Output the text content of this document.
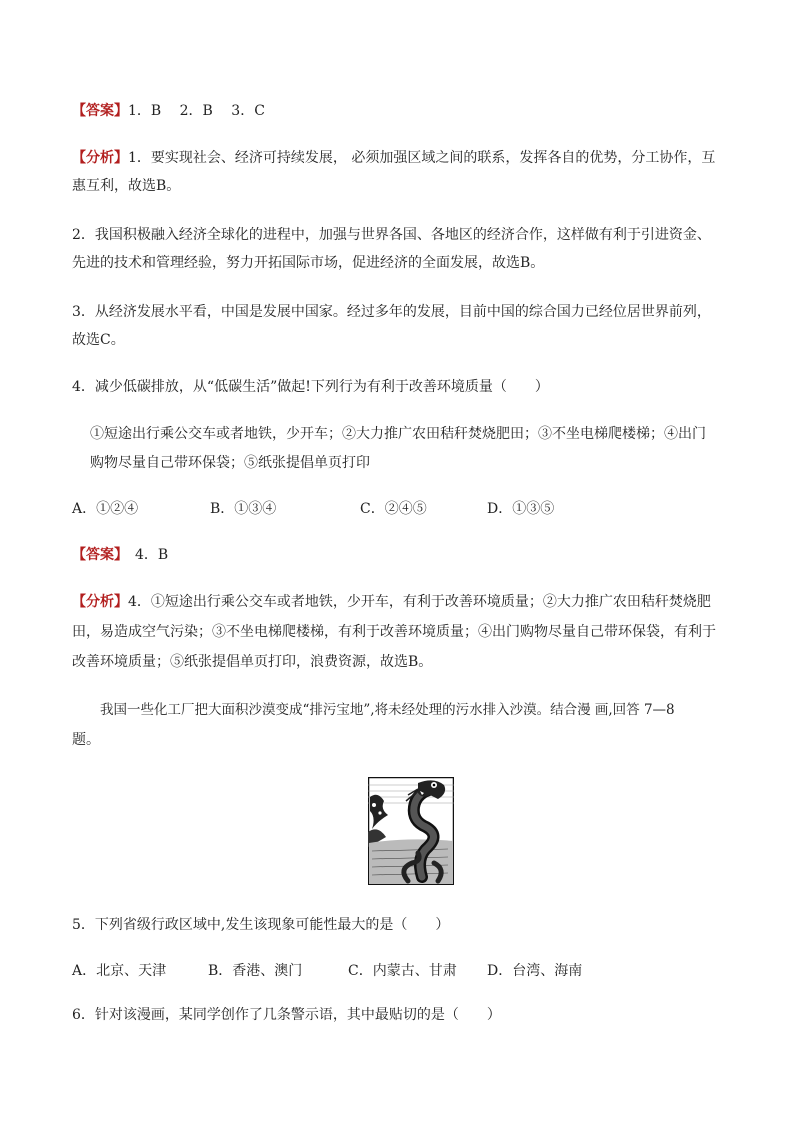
【答案】1．B　 2．B　 3．C
【分析】1．要实现社会、经济可持续发展， 必须加强区域之间的联系，发挥各自的优势，分工协作，互
惠互利，故选B。
2．我国积极融入经济全球化的进程中，加强与世界各国、各地区的经济合作，这样做有利于引进资金、
先进的技术和管理经验，努力开拓国际市场，促进经济的全面发展，故选B。
3．从经济发展水平看，中国是发展中国家。经过多年的发展，目前中国的综合国力已经位居世界前列，
故选C。
4．减少低碳排放，从“低碳生活”做起!下列行为有利于改善环境质量（　　）
①短途出行乘公交车或者地铁，少开车；②大力推广农田秸秆焚烧肥田；③不坐电梯爬楼梯；④出门
购物尽量自己带环保袋；⑤纸张提倡单页打印
A．①②④	B．①③④	C．②④⑤	D．①③⑤
【答案】　4．B
【分析】4．①短途出行乘公交车或者地铁，少开车，有利于改善环境质量；②大力推广农田秸秆焚烧肥
田，易造成空气污染；③不坐电梯爬楼梯，有利于改善环境质量；④出门购物尽量自己带环保袋，有利于
改善环境质量；⑤纸张提倡单页打印，浪费资源，故选B。
我国一些化工厂把大面积沙漠变成“排污宝地”,将未经处理的污水排入沙漠。结合漫 画,回答 7—8
题。
5．下列省级行政区域中,发生该现象可能性最大的是（　　）
A．北京、天津	B．香港、澳门	C．内蒙古、甘肃 D．台湾、海南
6．针对该漫画，某同学创作了几条警示语，其中最贴切的是（　　）
